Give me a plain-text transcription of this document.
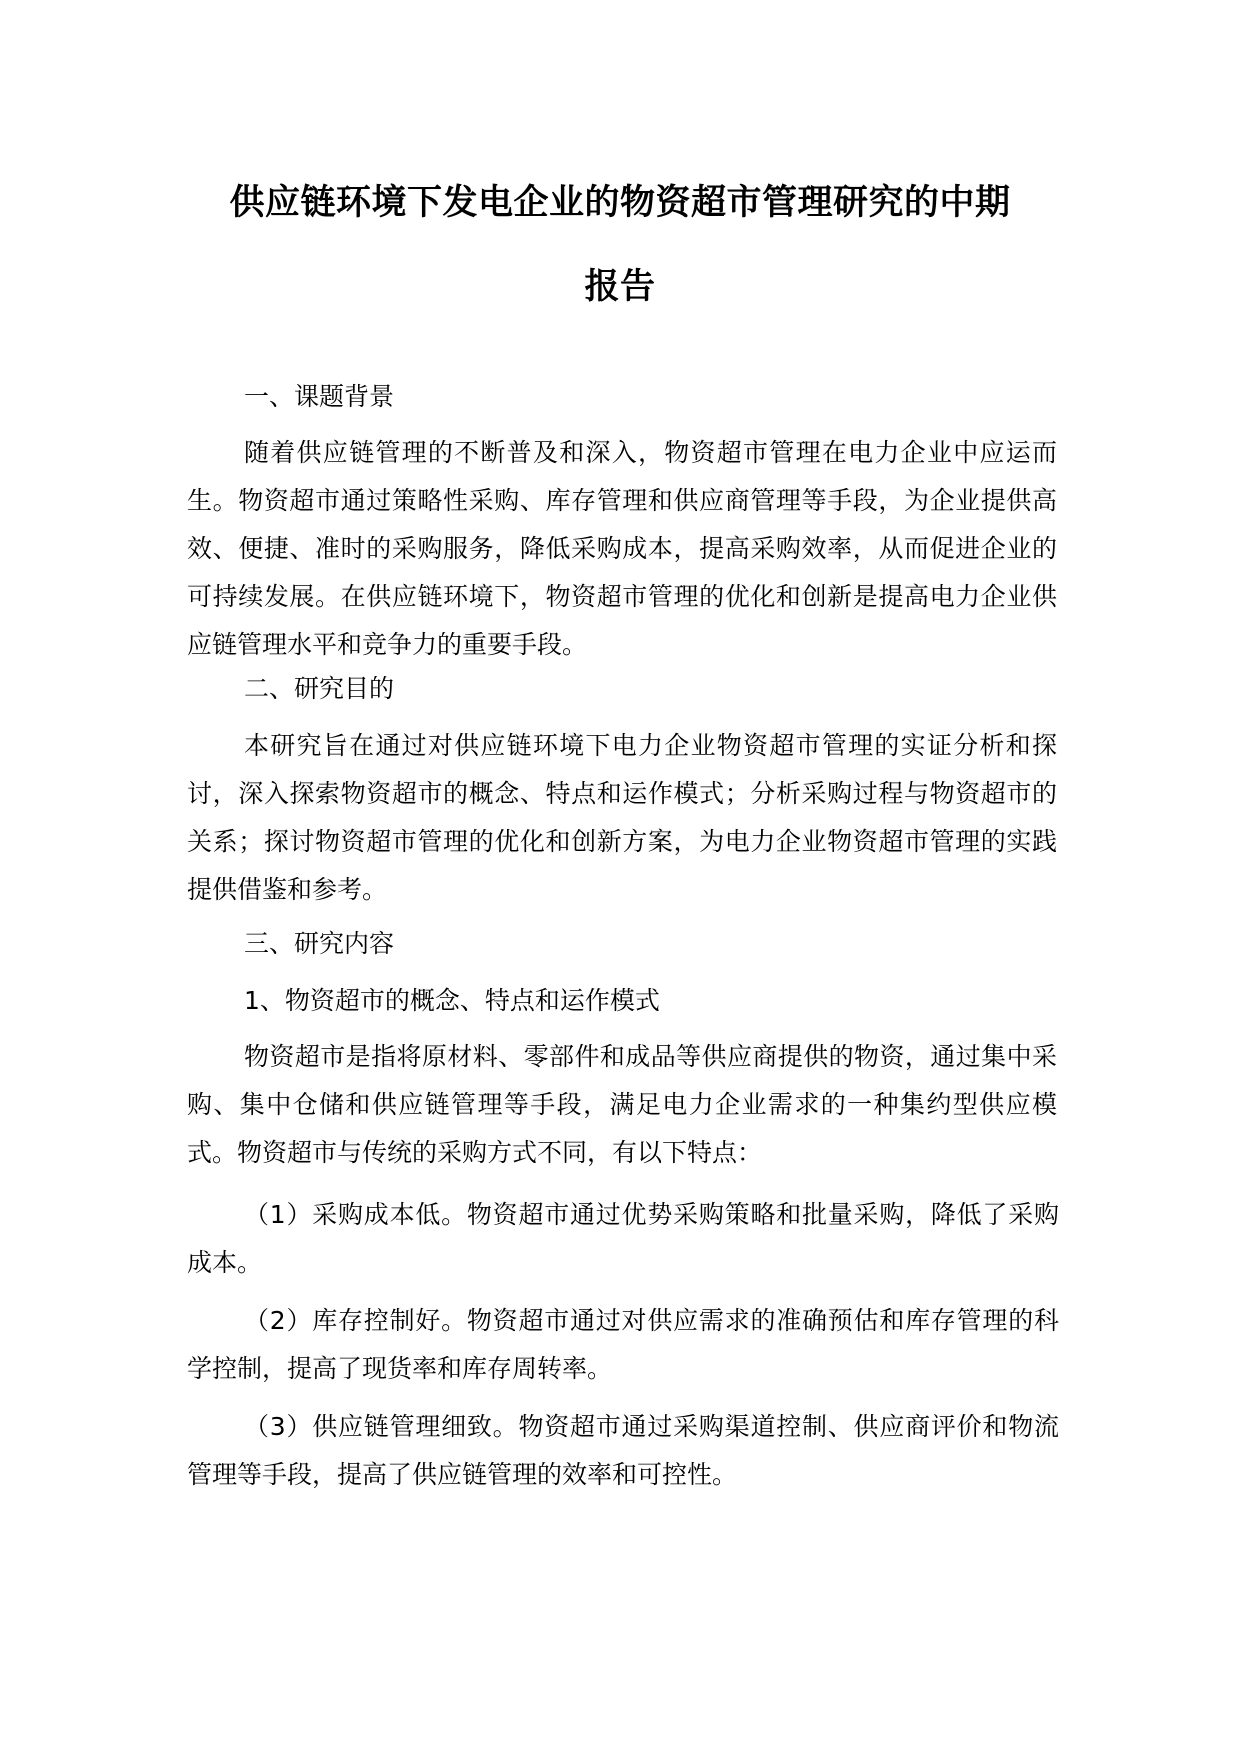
供应链环境下发电企业的物资超市管理研究的中期
报告

一、课题背景

随着供应链管理的不断普及和深入，物资超市管理在电力企业中应运而生。物资超市通过策略性采购、库存管理和供应商管理等手段，为企业提供高效、便捷、准时的采购服务，降低采购成本，提高采购效率，从而促进企业的可持续发展。在供应链环境下，物资超市管理的优化和创新是提高电力企业供应链管理水平和竞争力的重要手段。

二、研究目的

本研究旨在通过对供应链环境下电力企业物资超市管理的实证分析和探讨，深入探索物资超市的概念、特点和运作模式；分析采购过程与物资超市的关系；探讨物资超市管理的优化和创新方案，为电力企业物资超市管理的实践提供借鉴和参考。

三、研究内容

1、物资超市的概念、特点和运作模式

物资超市是指将原材料、零部件和成品等供应商提供的物资，通过集中采购、集中仓储和供应链管理等手段，满足电力企业需求的一种集约型供应模式。物资超市与传统的采购方式不同，有以下特点：

（1）采购成本低。物资超市通过优势采购策略和批量采购，降低了采购成本。

（2）库存控制好。物资超市通过对供应需求的准确预估和库存管理的科学控制，提高了现货率和库存周转率。

（3）供应链管理细致。物资超市通过采购渠道控制、供应商评价和物流管理等手段，提高了供应链管理的效率和可控性。
